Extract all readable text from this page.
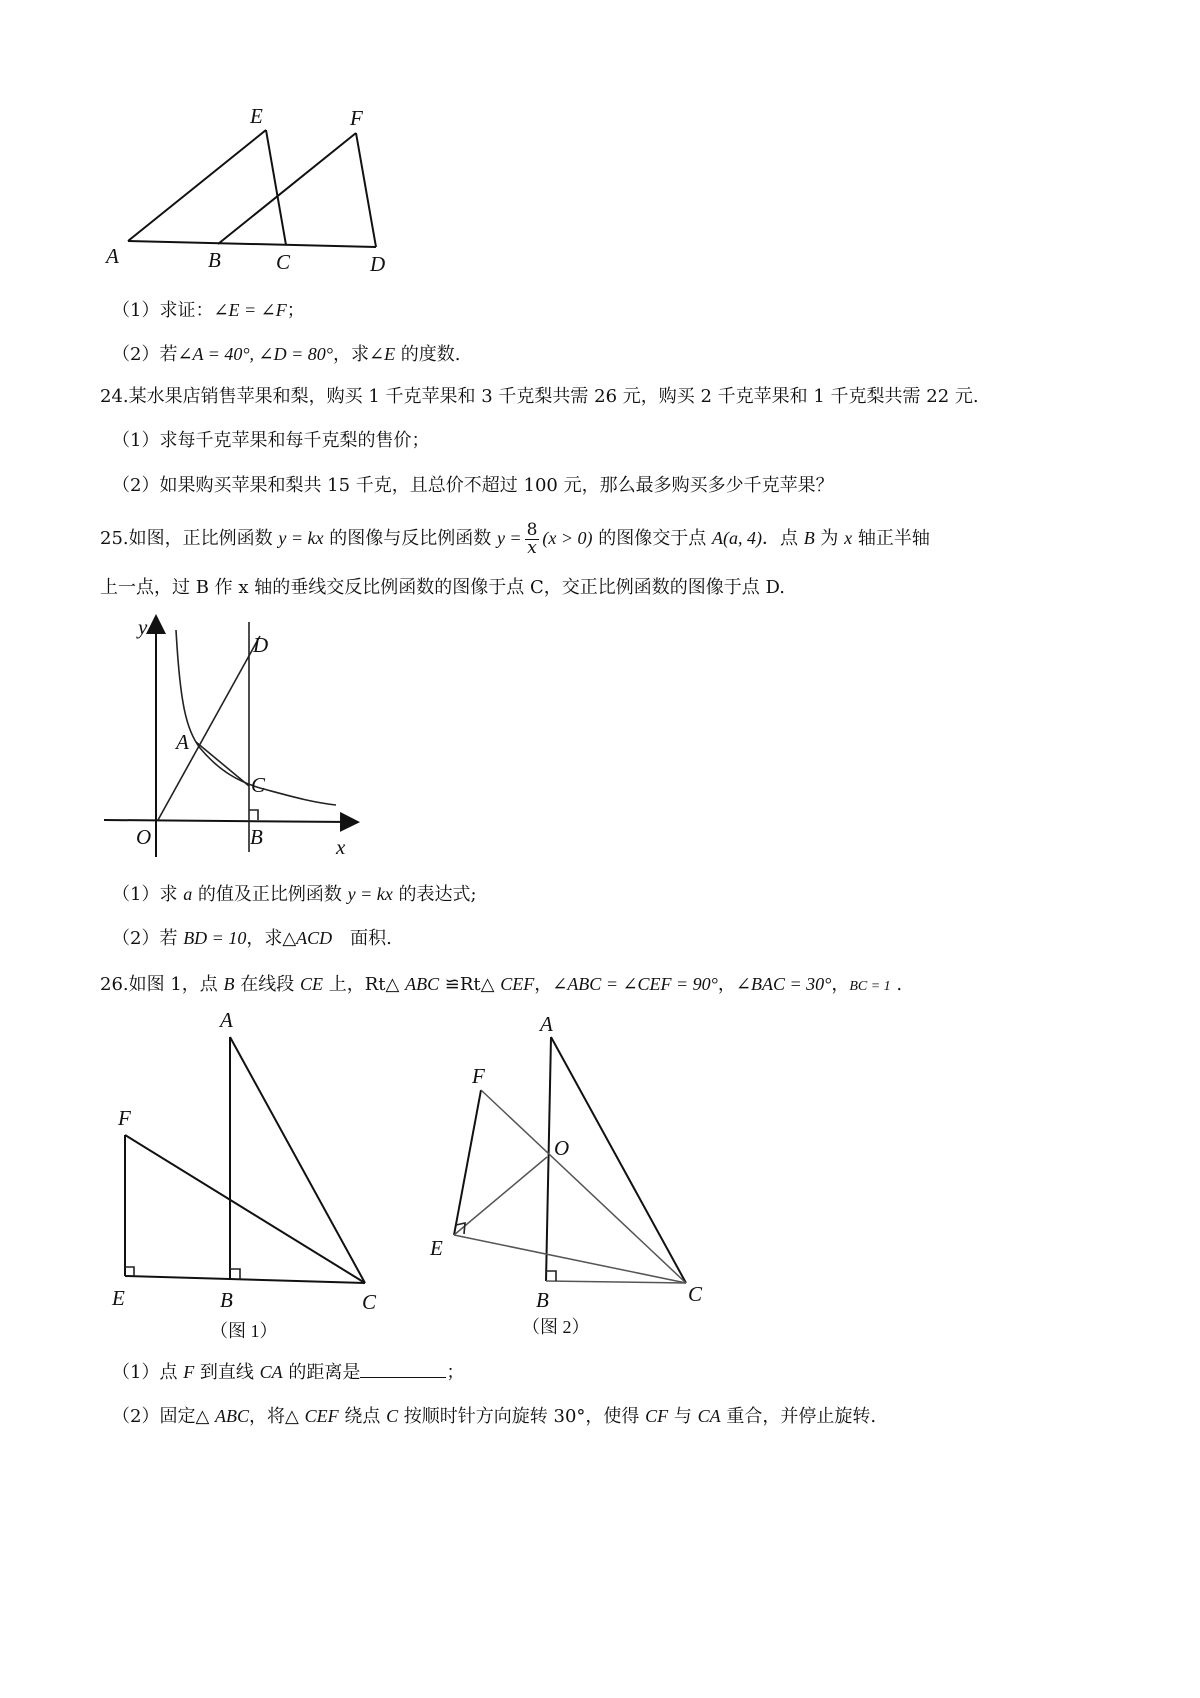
E	F
A	B	C	D
（1）求证：∠E = ∠F；
（2）若∠A = 40°, ∠D = 80°，求∠E 的度数.
24.某水果店销售苹果和梨，购买 1 千克苹果和 3 千克梨共需 26 元，购买 2 千克苹果和 1 千克梨共需 22 元.
（1）求每千克苹果和每千克梨的售价；
（2）如果购买苹果和梨共 15 千克，且总价不超过 100 元，那么最多购买多少千克苹果？
25.如图，正比例函数 y = kx 的图像与反比例函数 $y = \frac{8}{x} (x > 0)$ 的图像交于点 A(a, 4)．点 B 为 x 轴正半轴
上一点，过 B 作 x 轴的垂线交反比例函数的图像于点 C，交正比例函数的图像于点 D.
y
D
A
C
O	B	x
（1）求 a 的值及正比例函数 y = kx 的表达式;
（2）若 BD = 10，求△ACD　面积.
26.如图 1，点 B 在线段 CE 上，Rt△ ABC ≌Rt△ CEF，∠ABC = ∠CEF = 90°，∠BAC = 30°，BC = 1 .
A
F
E	B	C
（图 1）
A
F
O
E
B	C
（图 2）
（1）点 F 到直线 CA 的距离是	；
（2）固定△ ABC，将△ CEF 绕点 C 按顺时针方向旋转 30°，使得 CF 与 CA 重合，并停止旋转.
